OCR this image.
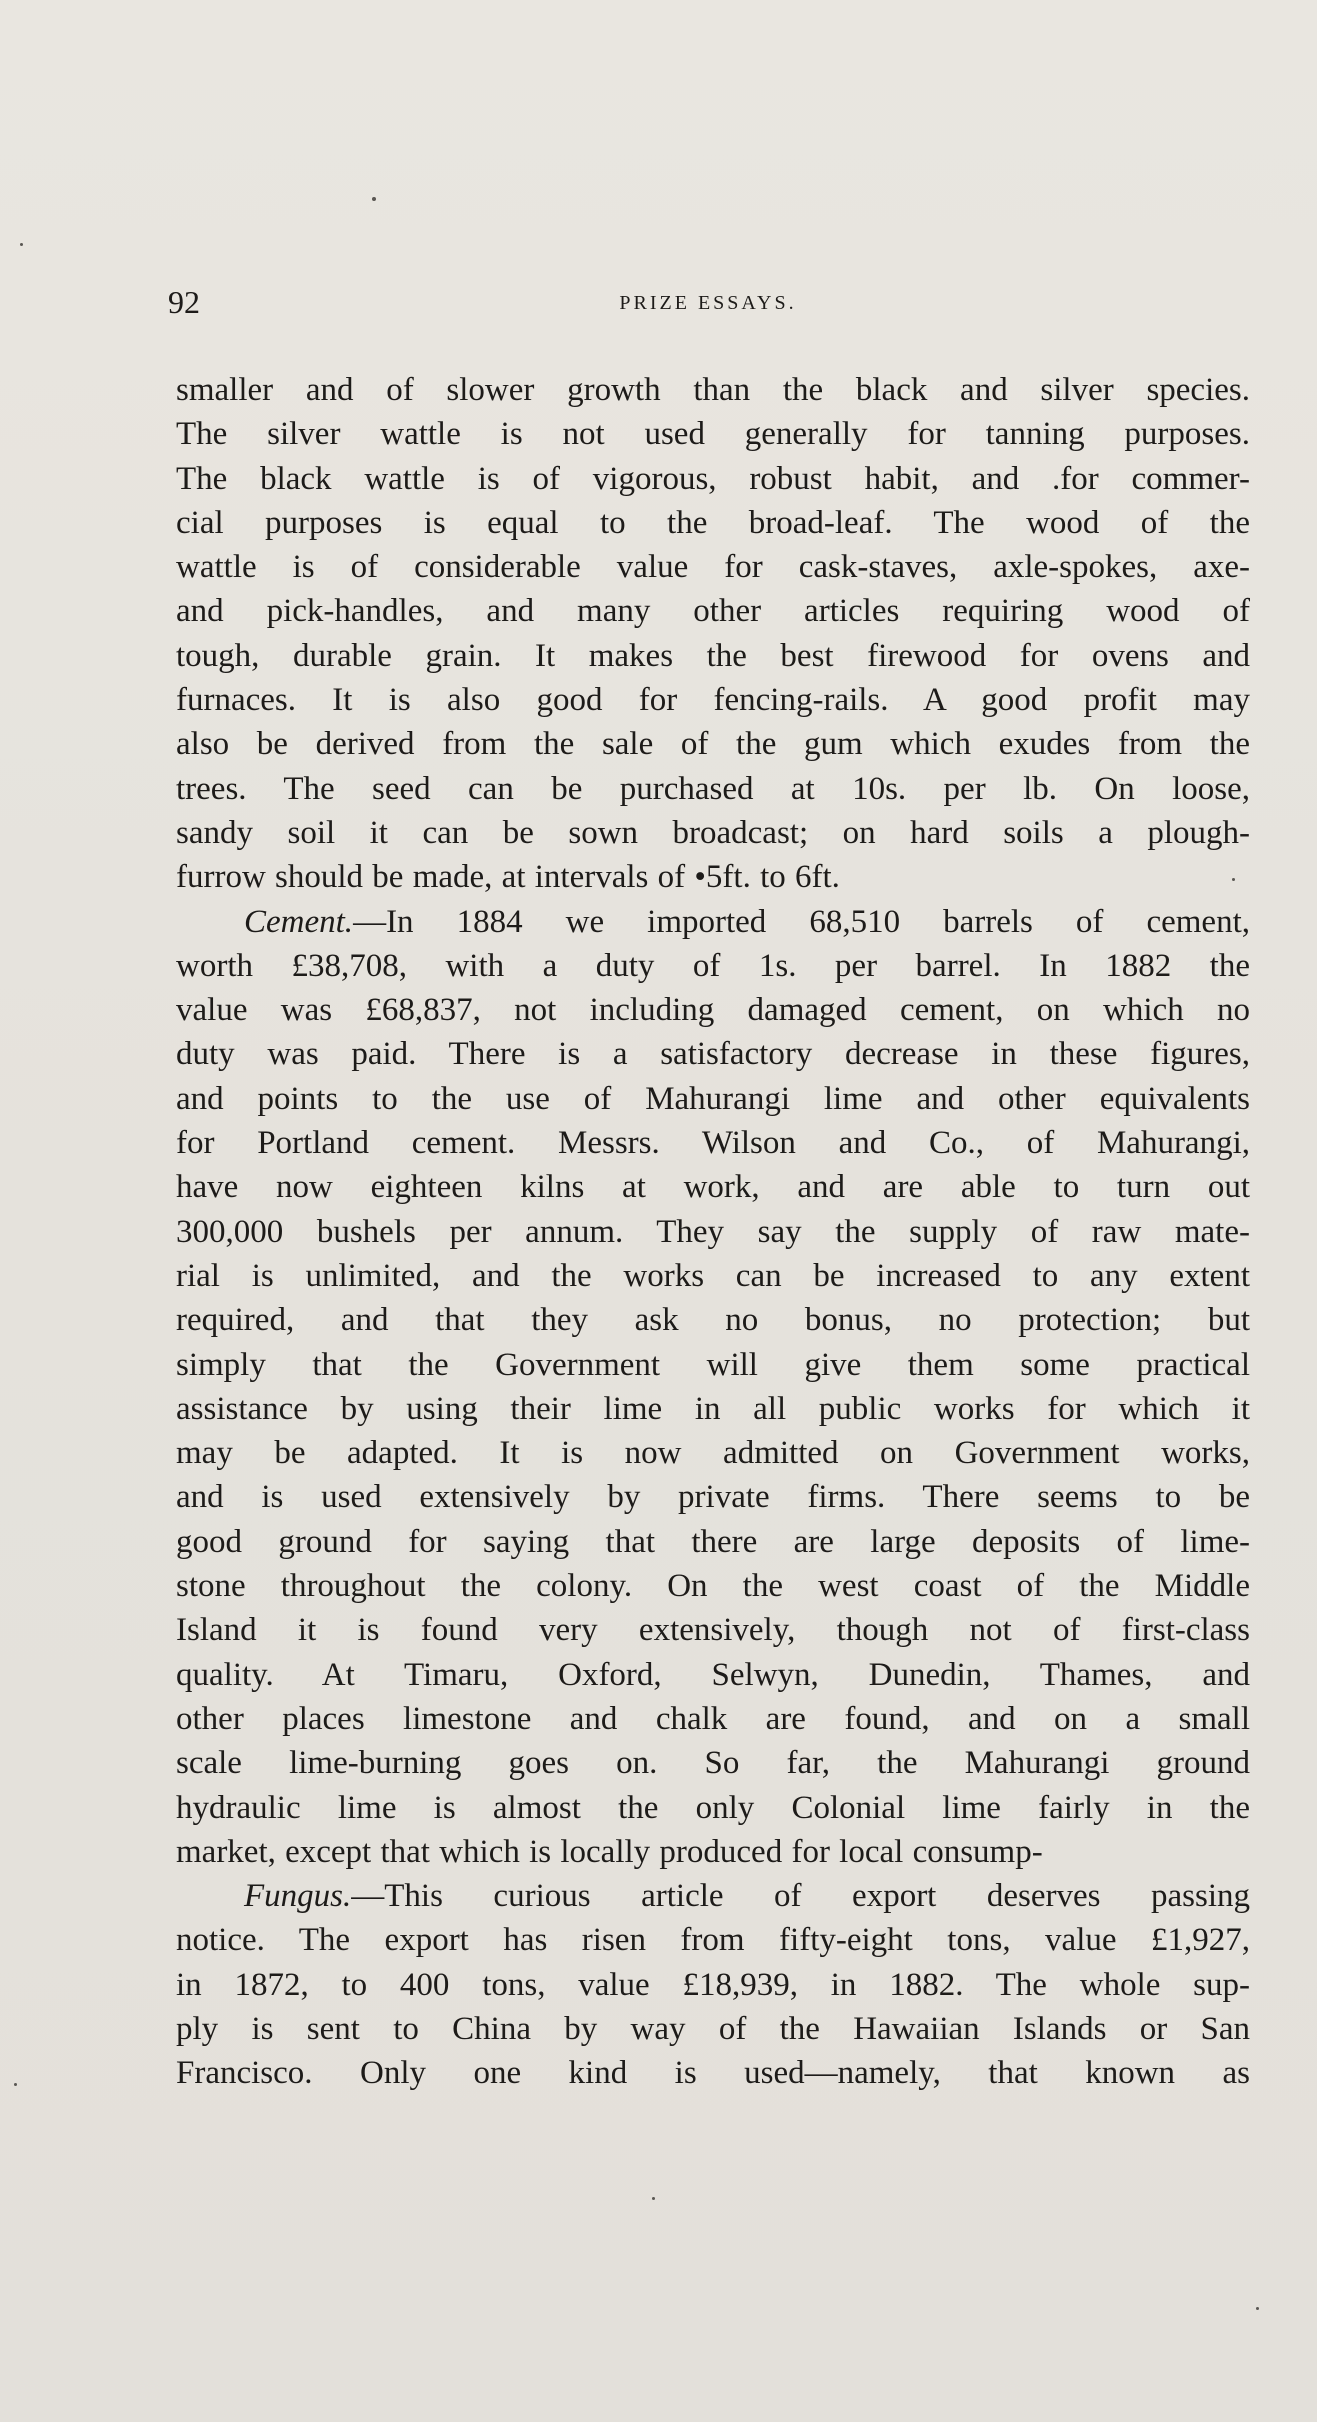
92	PRIZE ESSAYS.
smaller and of slower growth than the black and silver species.
The silver wattle is not used generally for tanning purposes.
The black wattle is of vigorous, robust habit, and .for commer-
cial purposes is equal to the broad-leaf. The wood of the
wattle is of considerable value for cask-staves, axle-spokes, axe-
and pick-handles, and many other articles requiring wood of
tough, durable grain. It makes the best firewood for ovens and
furnaces. It is also good for fencing-rails. A good profit may
also be derived from the sale of the gum which exudes from the
trees. The seed can be purchased at 10s. per lb. On loose,
sandy soil it can be sown broadcast; on hard soils a plough-
furrow should be made, at intervals of •5ft. to 6ft.
Cement.—In 1884 we imported 68,510 barrels of cement,
worth £38,708, with a duty of 1s. per barrel. In 1882 the
value was £68,837, not including damaged cement, on which no
duty was paid. There is a satisfactory decrease in these figures,
and points to the use of Mahurangi lime and other equivalents
for Portland cement. Messrs. Wilson and Co., of Mahurangi,
have now eighteen kilns at work, and are able to turn out
300,000 bushels per annum. They say the supply of raw mate-
rial is unlimited, and the works can be increased to any extent
required, and that they ask no bonus, no protection; but
simply that the Government will give them some practical
assistance by using their lime in all public works for which it
may be adapted. It is now admitted on Government works,
and is used extensively by private firms. There seems to be
good ground for saying that there are large deposits of lime-
stone throughout the colony. On the west coast of the Middle
Island it is found very extensively, though not of first-class
quality. At Timaru, Oxford, Selwyn, Dunedin, Thames, and
other places limestone and chalk are found, and on a small
scale lime-burning goes on. So far, the Mahurangi ground
hydraulic lime is almost the only Colonial lime fairly in the
market, except that which is locally produced for local consump-
Fungus.—This curious article of export deserves passing
notice. The export has risen from fifty-eight tons, value £1,927,
in 1872, to 400 tons, value £18,939, in 1882. The whole sup-
ply is sent to China by way of the Hawaiian Islands or San
Francisco. Only one kind is used—namely, that known as
